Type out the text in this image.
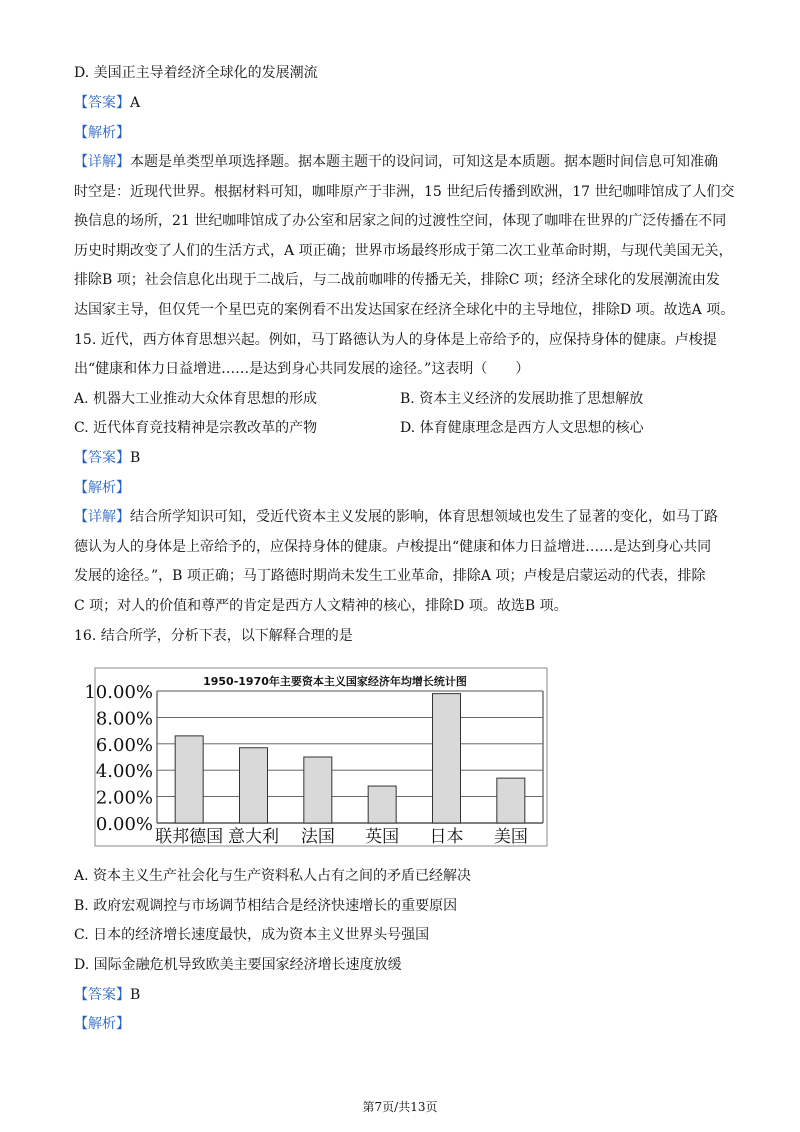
D. 美国正主导着经济全球化的发展潮流
【答案】A
【解析】
【详解】本题是单类型单项选择题。据本题主题干的设问词，可知这是本质题。据本题时间信息可知准确
时空是：近现代世界。根据材料可知，咖啡原产于非洲，15 世纪后传播到欧洲，17 世纪咖啡馆成了人们交
换信息的场所，21 世纪咖啡馆成了办公室和居家之间的过渡性空间，体现了咖啡在世界的广泛传播在不同
历史时期改变了人们的生活方式，A 项正确；世界市场最终形成于第二次工业革命时期，与现代美国无关，
排除B 项；社会信息化出现于二战后，与二战前咖啡的传播无关，排除C 项；经济全球化的发展潮流由发
达国家主导，但仅凭一个星巴克的案例看不出发达国家在经济全球化中的主导地位，排除D 项。故选A 项。
15. 近代，西方体育思想兴起。例如，马丁路德认为人的身体是上帝给予的，应保持身体的健康。卢梭提
出“健康和体力日益增进……是达到身心共同发展的途径。”这表明（　　）
A. 机器大工业推动大众体育思想的形成	B. 资本主义经济的发展助推了思想解放
C. 近代体育竞技精神是宗教改革的产物	D. 体育健康理念是西方人文思想的核心
【答案】B
【解析】
【详解】结合所学知识可知，受近代资本主义发展的影响，体育思想领域也发生了显著的变化，如马丁路
德认为人的身体是上帝给予的，应保持身体的健康。卢梭提出“健康和体力日益增进……是达到身心共同
发展的途径。”，B 项正确；马丁路德时期尚未发生工业革命，排除A 项；卢梭是启蒙运动的代表，排除
C 项；对人的价值和尊严的肯定是西方人文精神的核心，排除D 项。故选B 项。
16. 结合所学，分析下表，以下解释合理的是
1950-1970年主要资本主义国家经济年均增长统计图
0.00%
2.00%
4.00%
6.00%
8.00%
10.00%
联邦德国 意大利 法国 英国 日本 美国
A. 资本主义生产社会化与生产资料私人占有之间的矛盾已经解决
B. 政府宏观调控与市场调节相结合是经济快速增长的重要原因
C. 日本的经济增长速度最快，成为资本主义世界头号强国
D. 国际金融危机导致欧美主要国家经济增长速度放缓
【答案】B
【解析】
第7页/共13页
